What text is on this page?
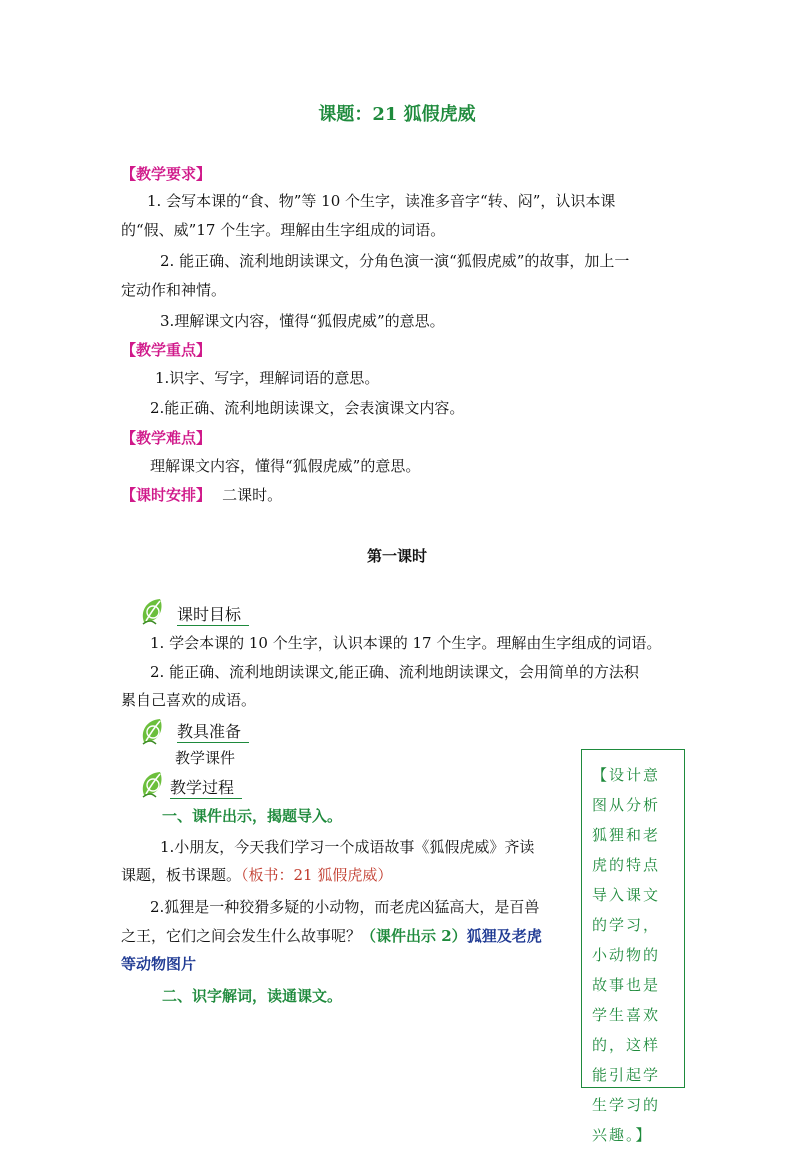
课题：21 狐假虎威
【教学要求】
1. 会写本课的“食、物”等 10 个生字，读准多音字“转、闷”，认识本课
的“假、威”17 个生字。理解由生字组成的词语。
2. 能正确、流利地朗读课文，分角色演一演“狐假虎威”的故事，加上一
定动作和神情。
3.理解课文内容，懂得“狐假虎威”的意思。
【教学重点】
1.识字、写字，理解词语的意思。
2.能正确、流利地朗读课文，会表演课文内容。
【教学难点】
理解课文内容，懂得“狐假虎威”的意思。
【课时安排】 二课时。
第一课时
课时目标
1. 学会本课的 10 个生字，认识本课的 17 个生字。理解由生字组成的词语。
2. 能正确、流利地朗读课文,能正确、流利地朗读课文，会用简单的方法积
累自己喜欢的成语。
教具准备
教学课件
教学过程
一、课件出示，揭题导入。
1.小朋友，今天我们学习一个成语故事《狐假虎威》齐读
课题，板书课题。（板书：21 狐假虎威）
2.狐狸是一种狡猾多疑的小动物，而老虎凶猛高大，是百兽
之王，它们之间会发生什么故事呢？（课件出示 2）狐狸及老虎
等动物图片
二、识字解词，读通课文。
【设计意图从分析狐狸和老虎的特点导入课文的学习，小动物的故事也是学生喜欢的，这样能引起学生学习的兴趣。】
